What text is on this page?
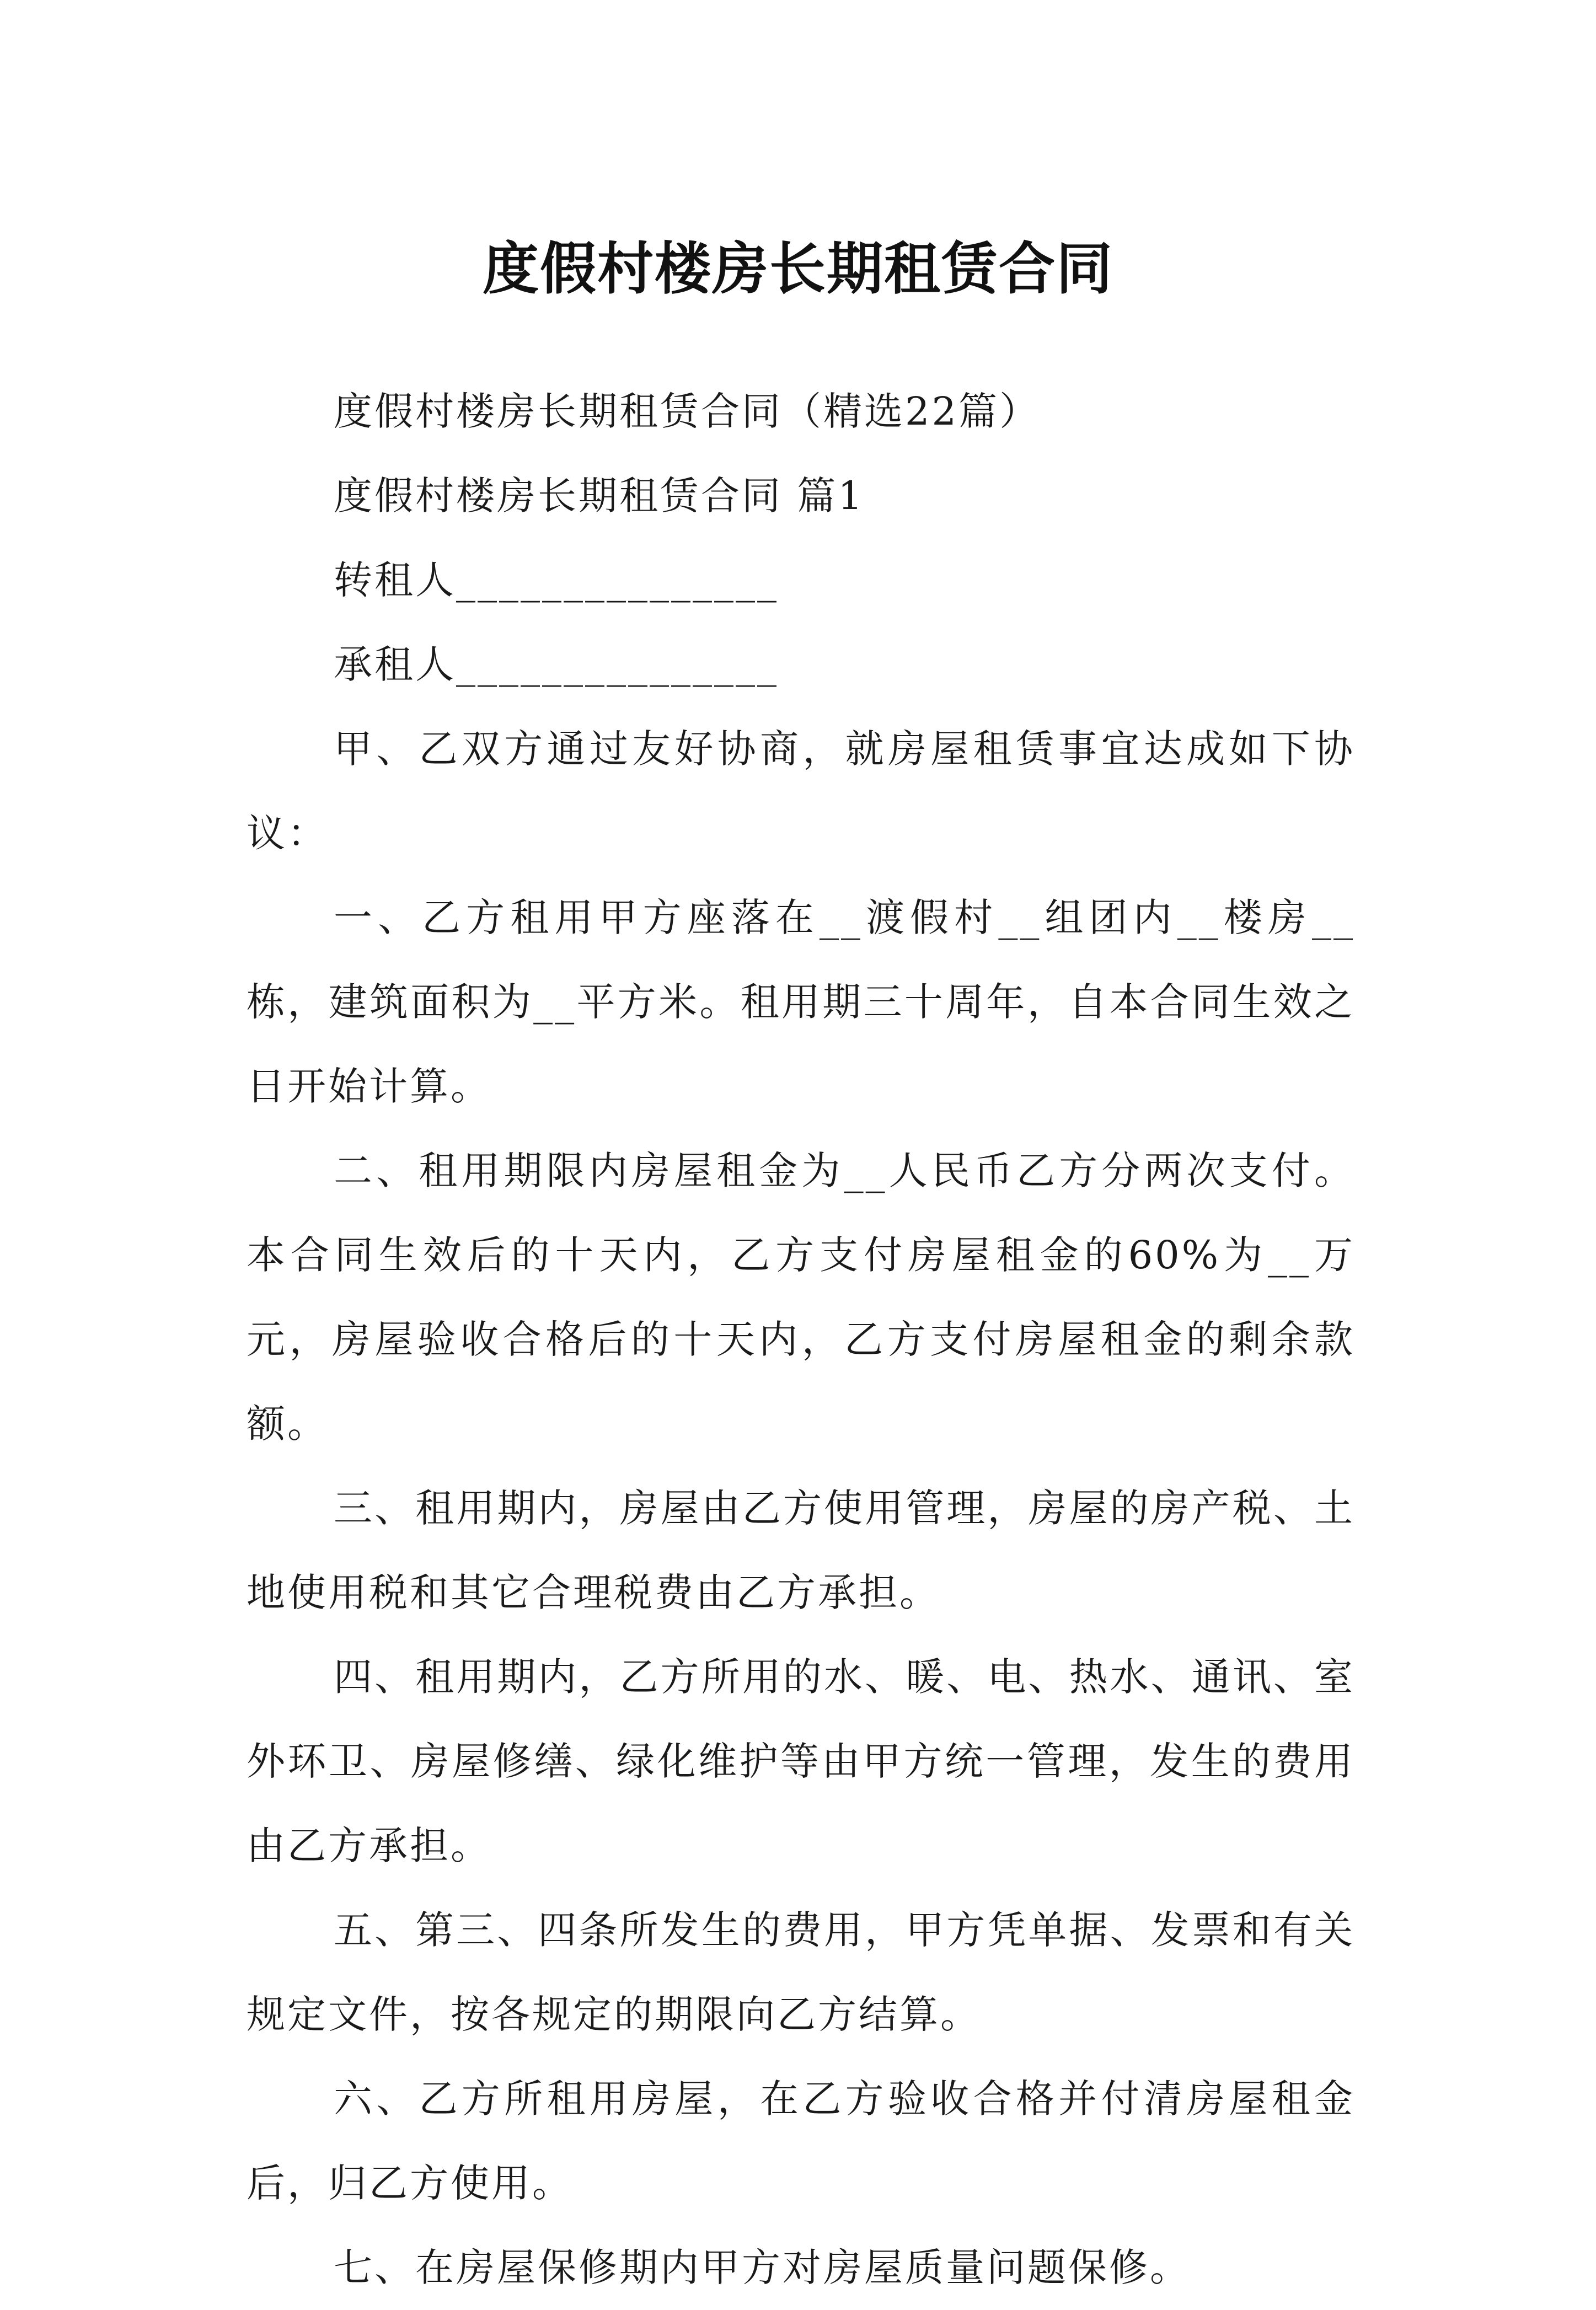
度假村楼房长期租赁合同

度假村楼房长期租赁合同（精选22篇）

度假村楼房长期租赁合同 篇1

转租人_______________

承租人_______________

甲、乙双方通过友好协商，就房屋租赁事宜达成如下协议：

一、乙方租用甲方座落在__渡假村__组团内__楼房__栋，建筑面积为__平方米。租用期三十周年，自本合同生效之日开始计算。

二、租用期限内房屋租金为__人民币乙方分两次支付。本合同生效后的十天内，乙方支付房屋租金的60%为__万元，房屋验收合格后的十天内，乙方支付房屋租金的剩余款额。

三、租用期内，房屋由乙方使用管理，房屋的房产税、土地使用税和其它合理税费由乙方承担。

四、租用期内，乙方所用的水、暖、电、热水、通讯、室外环卫、房屋修缮、绿化维护等由甲方统一管理，发生的费用由乙方承担。

五、第三、四条所发生的费用，甲方凭单据、发票和有关规定文件，按各规定的期限向乙方结算。

六、乙方所租用房屋，在乙方验收合格并付清房屋租金后，归乙方使用。

七、在房屋保修期内甲方对房屋质量问题保修。
